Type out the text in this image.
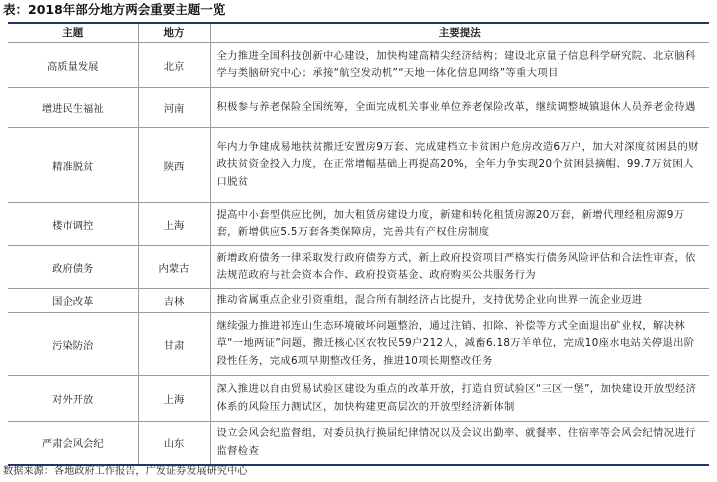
表：2018年部分地方两会重要主题一览
主题	地方	主要提法
高质量发展	北京	全力推进全国科技创新中心建设，加快构建高精尖经济结构；建设北京量子信息科学研究院、北京脑科学与类脑研究中心；承接“航空发动机”“天地一体化信息网络”等重大项目
增进民生福祉	河南	积极参与养老保险全国统筹，全面完成机关事业单位养老保险改革，继续调整城镇退休人员养老金待遇
精准脱贫	陕西	年内力争建成易地扶贫搬迁安置房9万套、完成建档立卡贫困户危房改造6万户，加大对深度贫困县的财政扶贫资金投入力度，在正常增幅基础上再提高20%，全年力争实现20个贫困县摘帽、99.7万贫困人口脱贫
楼市调控	上海	提高中小套型供应比例，加大租赁房建设力度，新建和转化租赁房源20万套，新增代理经租房源9万套，新增供应5.5万套各类保障房，完善共有产权住房制度
政府债务	内蒙古	新增政府债务一律采取发行政府债券方式，新上政府投资项目严格实行债务风险评估和合法性审查，依法规范政府与社会资本合作、政府投资基金、政府购买公共服务行为
国企改革	吉林	推动省属重点企业引资重组，混合所有制经济占比提升，支持优势企业向世界一流企业迈进
污染防治	甘肃	继续强力推进祁连山生态环境破坏问题整治，通过注销、扣除、补偿等方式全面退出矿业权，解决林草“一地两证”问题，搬迁核心区农牧民59户212人，减畜6.18万羊单位，完成10座水电站关停退出阶段性任务，完成6项早期整改任务，推进10项长期整改任务
对外开放	上海	深入推进以自由贸易试验区建设为重点的改革开放，打造自贸试验区“三区一堡”，加快建设开放型经济体系的风险压力测试区，加快构建更高层次的开放型经济新体制
严肃会风会纪	山东	设立会风会纪监督组，对委员执行换届纪律情况以及会议出勤率、就餐率、住宿率等会风会纪情况进行监督检查
数据来源：各地政府工作报告，广发证券发展研究中心
